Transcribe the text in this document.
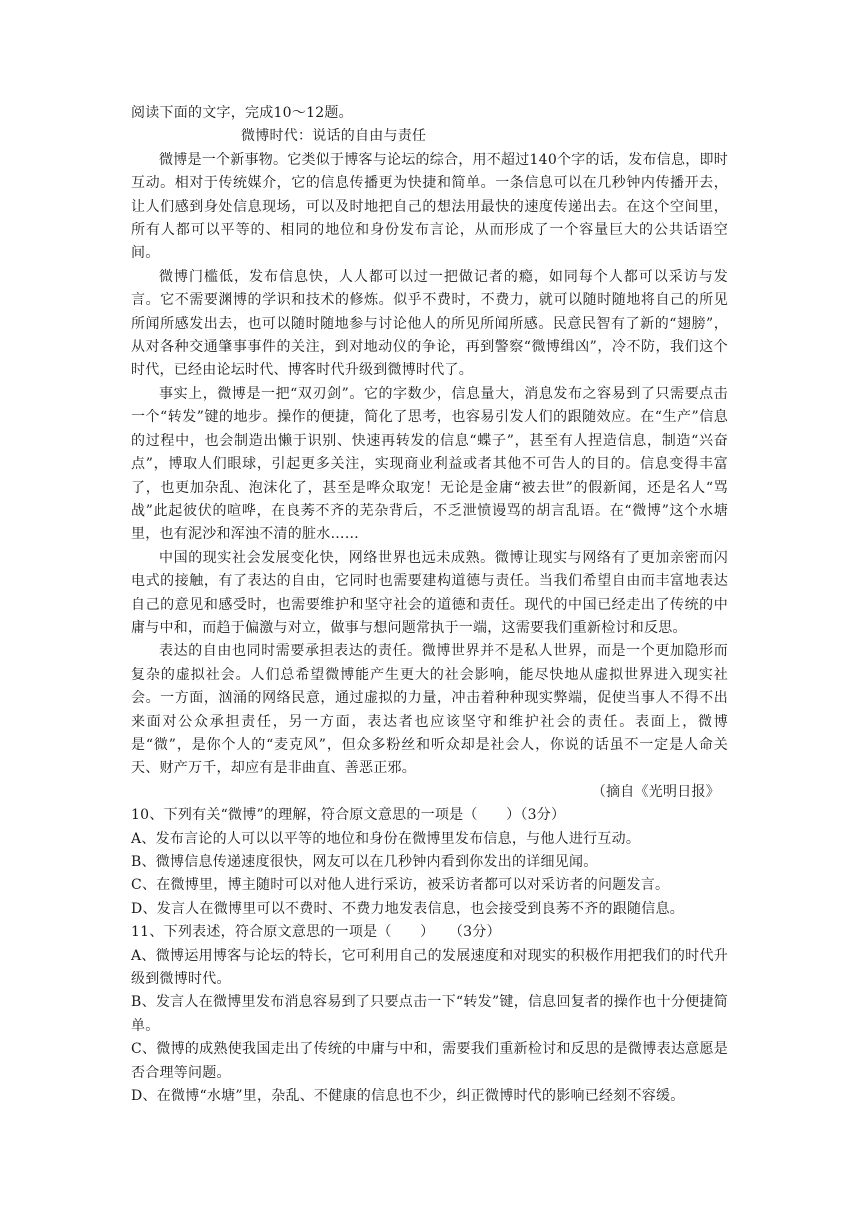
阅读下面的文字，完成10～12题。

微博时代：说话的自由与责任

微博是一个新事物。它类似于博客与论坛的综合，用不超过140个字的话，发布信息，即时互动。相对于传统媒介，它的信息传播更为快捷和简单。一条信息可以在几秒钟内传播开去，让人们感到身处信息现场，可以及时地把自己的想法用最快的速度传递出去。在这个空间里，所有人都可以平等的、相同的地位和身份发布言论，从而形成了一个容量巨大的公共话语空间。

微博门槛低，发布信息快，人人都可以过一把做记者的瘾，如同每个人都可以采访与发言。它不需要渊博的学识和技术的修炼。似乎不费时，不费力，就可以随时随地将自己的所见所闻所感发出去，也可以随时随地参与讨论他人的所见所闻所感。民意民智有了新的“翅膀”，从对各种交通肇事事件的关注，到对地动仪的争论，再到警察“微博缉凶”，冷不防，我们这个时代，已经由论坛时代、博客时代升级到微博时代了。

事实上，微博是一把“双刃剑”。它的字数少，信息量大，消息发布之容易到了只需要点击一个“转发”键的地步。操作的便捷，简化了思考，也容易引发人们的跟随效应。在“生产”信息的过程中，也会制造出懒于识别、快速再转发的信息“蝶子”，甚至有人捏造信息，制造“兴奋点”，博取人们眼球，引起更多关注，实现商业利益或者其他不可告人的目的。信息变得丰富了，也更加杂乱、泡沫化了，甚至是哗众取宠！无论是金庸“被去世”的假新闻，还是名人“骂战”此起彼伏的喧哗，在良莠不齐的芜杂背后，不乏泄愤谩骂的胡言乱语。在“微博”这个水塘里，也有泥沙和浑浊不清的脏水……

中国的现实社会发展变化快，网络世界也远未成熟。微博让现实与网络有了更加亲密而闪电式的接触，有了表达的自由，它同时也需要建构道德与责任。当我们希望自由而丰富地表达自己的意见和感受时，也需要维护和坚守社会的道德和责任。现代的中国已经走出了传统的中庸与中和，而趋于偏激与对立，做事与想问题常执于一端，这需要我们重新检讨和反思。

表达的自由也同时需要承担表达的责任。微博世界并不是私人世界，而是一个更加隐形而复杂的虚拟社会。人们总希望微博能产生更大的社会影响，能尽快地从虚拟世界进入现实社会。一方面，汹涌的网络民意，通过虚拟的力量，冲击着种种现实弊端，促使当事人不得不出来面对公众承担责任，另一方面，表达者也应该坚守和维护社会的责任。表面上，微博是“微”，是你个人的“麦克风”，但众多粉丝和听众却是社会人，你说的话虽不一定是人命关天、财产万千，却应有是非曲直、善恶正邪。

（摘自《光明日报》

10、下列有关“微博”的理解，符合原文意思的一项是（　　）（3分）

A、发布言论的人可以以平等的地位和身份在微博里发布信息，与他人进行互动。

B、微博信息传递速度很快，网友可以在几秒钟内看到你发出的详细见闻。

C、在微博里，博主随时可以对他人进行采访，被采访者都可以对采访者的问题发言。

D、发言人在微博里可以不费时、不费力地发表信息，也会接受到良莠不齐的跟随信息。

11、下列表述，符合原文意思的一项是（　　）　　（3分）

A、微博运用博客与论坛的特长，它可利用自己的发展速度和对现实的积极作用把我们的时代升级到微博时代。

B、发言人在微博里发布消息容易到了只要点击一下“转发”键，信息回复者的操作也十分便捷简单。

C、微博的成熟使我国走出了传统的中庸与中和，需要我们重新检讨和反思的是微博表达意愿是否合理等问题。

D、在微博“水塘”里，杂乱、不健康的信息也不少，纠正微博时代的影响已经刻不容缓。
